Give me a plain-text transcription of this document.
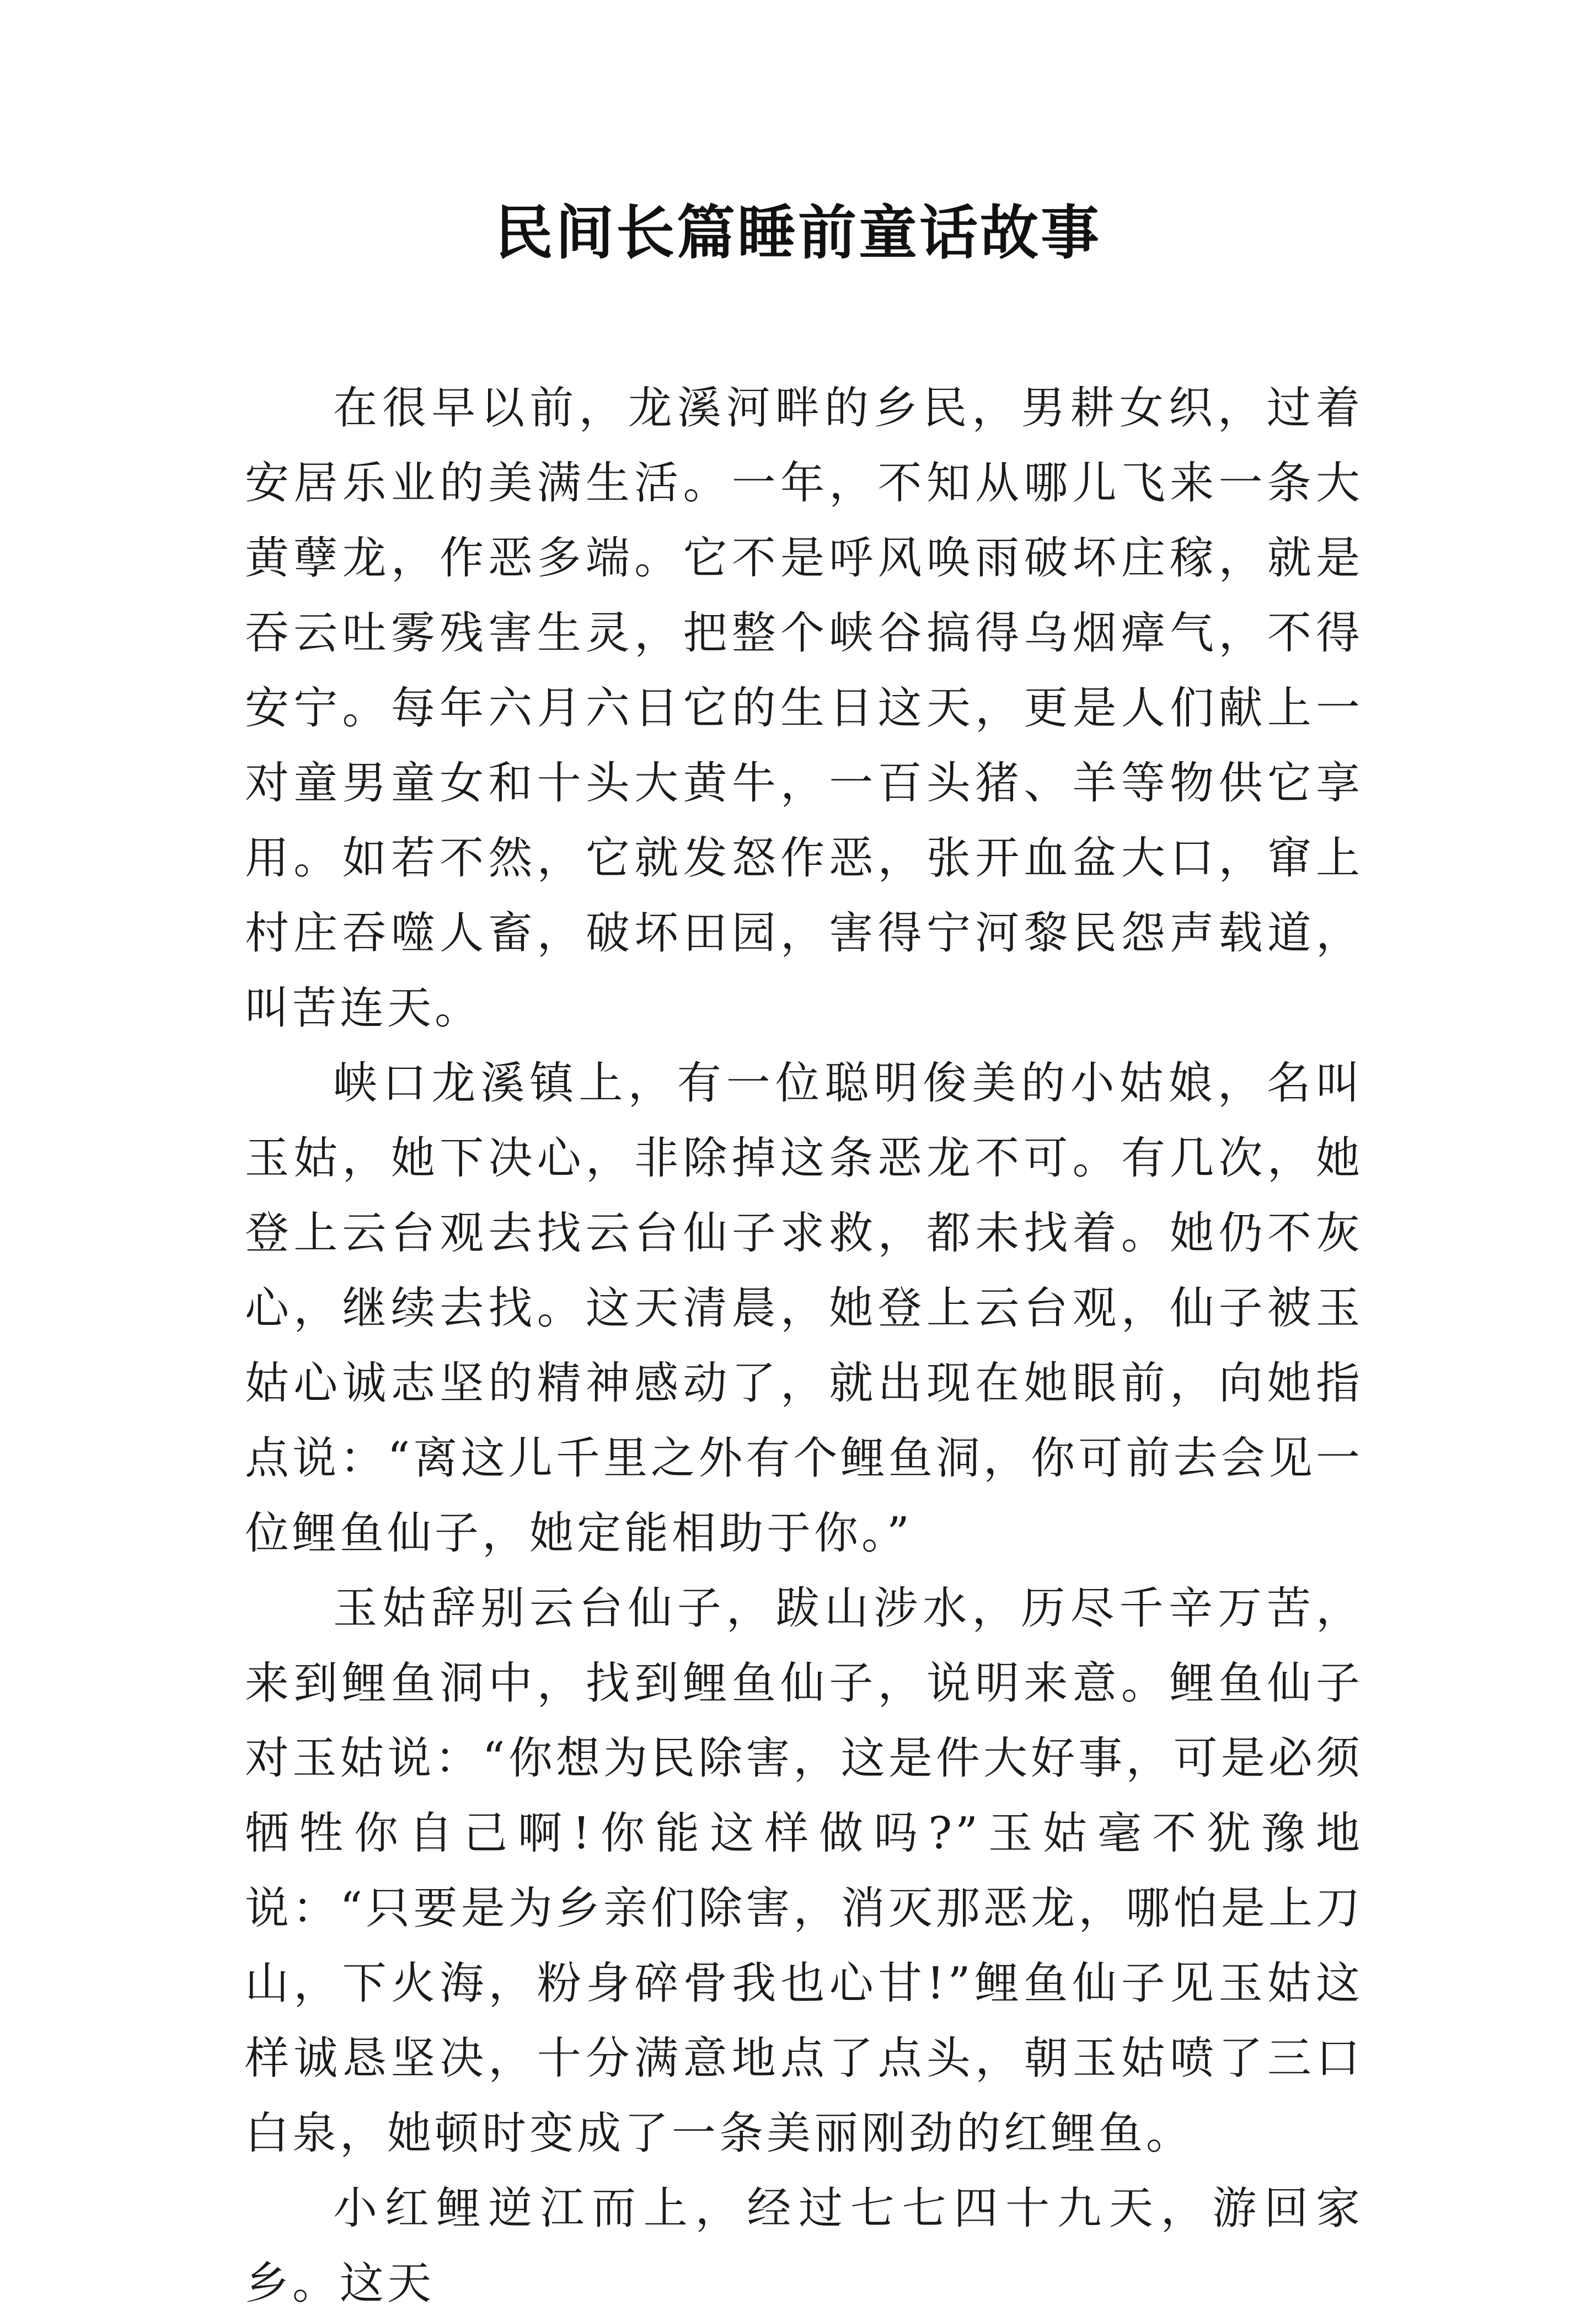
民间长篇睡前童话故事

在很早以前，龙溪河畔的乡民，男耕女织，过着安居乐业的美满生活。一年，不知从哪儿飞来一条大黄孽龙，作恶多端。它不是呼风唤雨破坏庄稼，就是吞云吐雾残害生灵，把整个峡谷搞得乌烟瘴气，不得安宁。每年六月六日它的生日这天，更是人们献上一对童男童女和十头大黄牛，一百头猪、羊等物供它享用。如若不然，它就发怒作恶，张开血盆大口，窜上村庄吞噬人畜，破坏田园，害得宁河黎民怨声载道，叫苦连天。

峡口龙溪镇上，有一位聪明俊美的小姑娘，名叫玉姑，她下决心，非除掉这条恶龙不可。有几次，她登上云台观去找云台仙子求救，都未找着。她仍不灰心，继续去找。这天清晨，她登上云台观，仙子被玉姑心诚志坚的精神感动了，就出现在她眼前，向她指点说：“离这儿千里之外有个鲤鱼洞，你可前去会见一位鲤鱼仙子，她定能相助于你。”

玉姑辞别云台仙子，跋山涉水，历尽千辛万苦，来到鲤鱼洞中，找到鲤鱼仙子，说明来意。鲤鱼仙子对玉姑说：“你想为民除害，这是件大好事，可是必须牺牲你自己啊!你能这样做吗?”玉姑毫不犹豫地说：“只要是为乡亲们除害，消灭那恶龙，哪怕是上刀山，下火海，粉身碎骨我也心甘!”鲤鱼仙子见玉姑这样诚恳坚决，十分满意地点了点头，朝玉姑喷了三口白泉，她顿时变成了一条美丽刚劲的红鲤鱼。

小红鲤逆江而上，经过七七四十九天，游回家乡。这天
